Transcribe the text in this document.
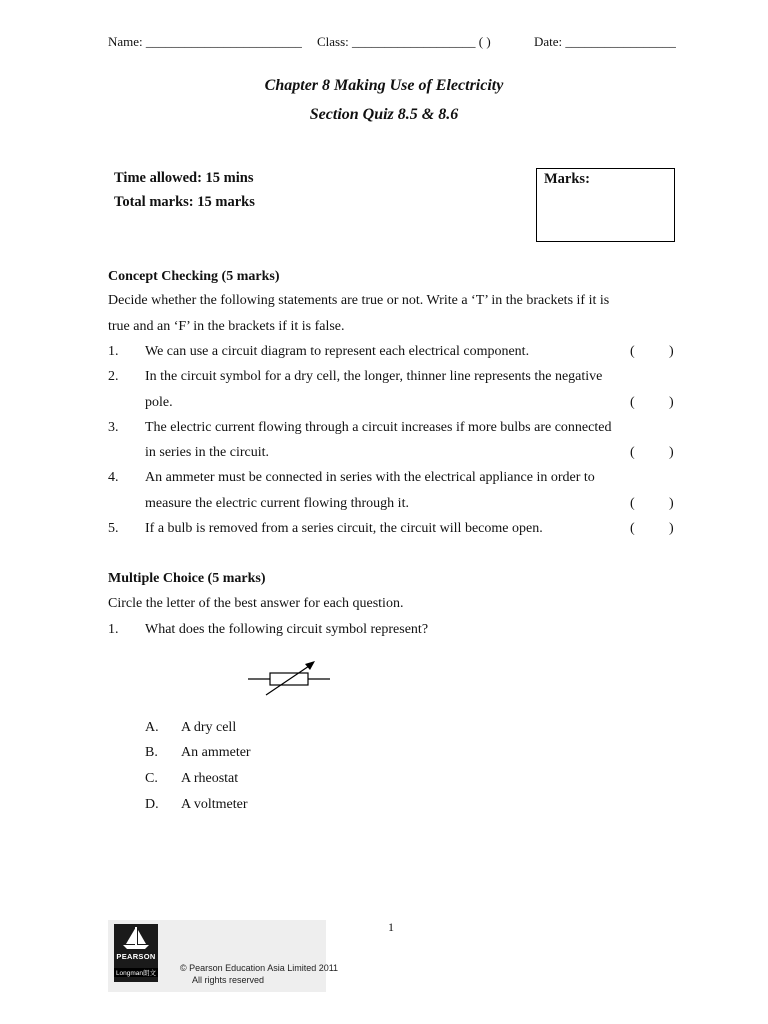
Name: ________________________ Class: ___________________ ( )	Date: _________________
Chapter 8 Making Use of Electricity
Section Quiz 8.5 & 8.6
Time allowed: 15 mins
Total marks: 15 marks
Marks:
Concept Checking (5 marks)
Decide whether the following statements are true or not. Write a ‘T’ in the brackets if it is
true and an ‘F’ in the brackets if it is false.
1. We can use a circuit diagram to represent each electrical component.	( )
2. In the circuit symbol for a dry cell, the longer, thinner line represents the negative
pole.	( )
3. The electric current flowing through a circuit increases if more bulbs are connected
in series in the circuit.	( )
4. An ammeter must be connected in series with the electrical appliance in order to
measure the electric current flowing through it.	( )
5. If a bulb is removed from a series circuit, the circuit will become open.	( )
Multiple Choice (5 marks)
Circle the letter of the best answer for each question.
1. What does the following circuit symbol represent?
A. A dry cell
B. An ammeter
C. A rheostat
D. A voltmeter
1
PEARSON
Longman朗文
© Pearson Education Asia Limited 2011
All rights reserved
